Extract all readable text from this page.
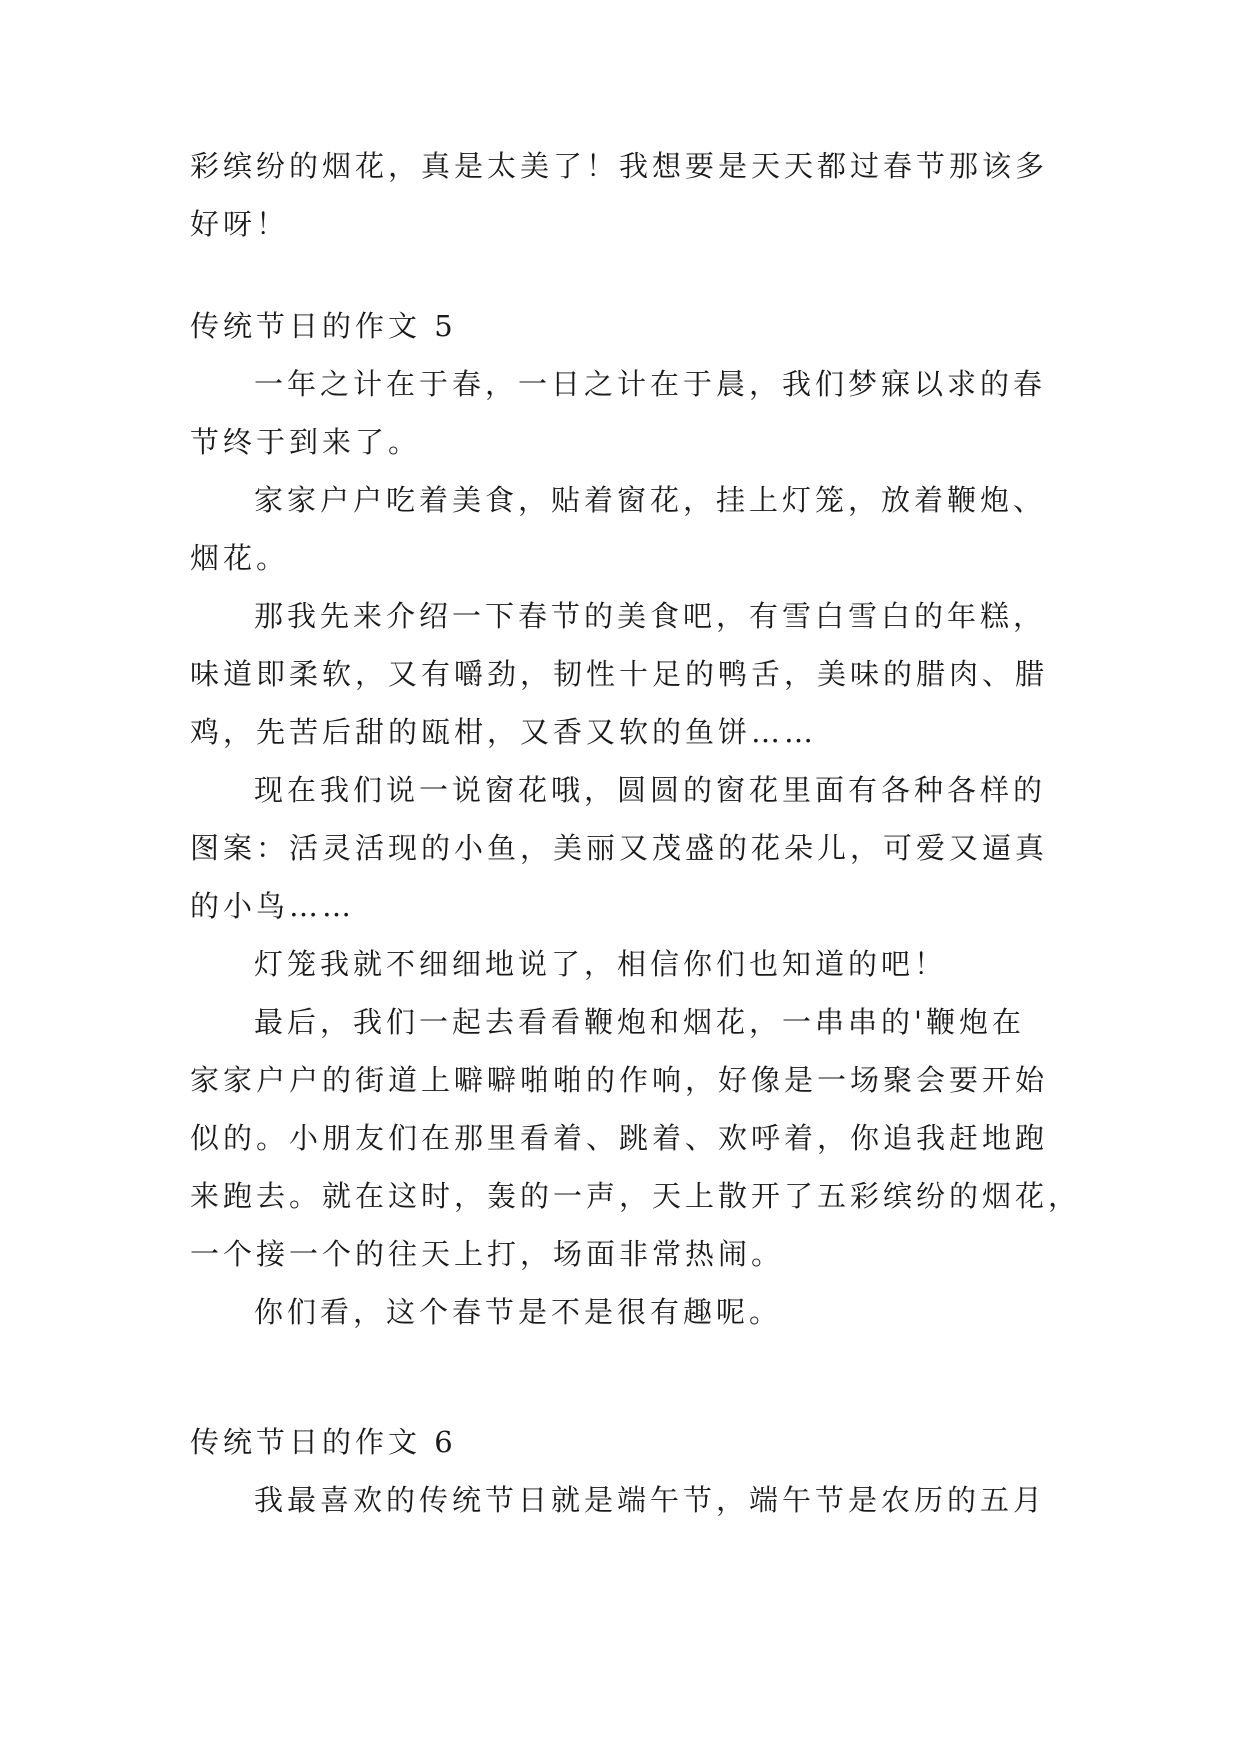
彩缤纷的烟花，真是太美了！我想要是天天都过春节那该多
好呀！
传统节日的作文 5
一年之计在于春，一日之计在于晨，我们梦寐以求的春
节终于到来了。
家家户户吃着美食，贴着窗花，挂上灯笼，放着鞭炮、
烟花。
那我先来介绍一下春节的美食吧，有雪白雪白的年糕，
味道即柔软，又有嚼劲，韧性十足的鸭舌，美味的腊肉、腊
鸡，先苦后甜的瓯柑，又香又软的鱼饼……
现在我们说一说窗花哦，圆圆的窗花里面有各种各样的
图案：活灵活现的小鱼，美丽又茂盛的花朵儿，可爱又逼真
的小鸟……
灯笼我就不细细地说了，相信你们也知道的吧！
最后，我们一起去看看鞭炮和烟花，一串串的'鞭炮在
家家户户的街道上噼噼啪啪的作响，好像是一场聚会要开始
似的。小朋友们在那里看着、跳着、欢呼着，你追我赶地跑
来跑去。就在这时，轰的一声，天上散开了五彩缤纷的烟花，
一个接一个的往天上打，场面非常热闹。
你们看，这个春节是不是很有趣呢。
传统节日的作文 6
我最喜欢的传统节日就是端午节，端午节是农历的五月
